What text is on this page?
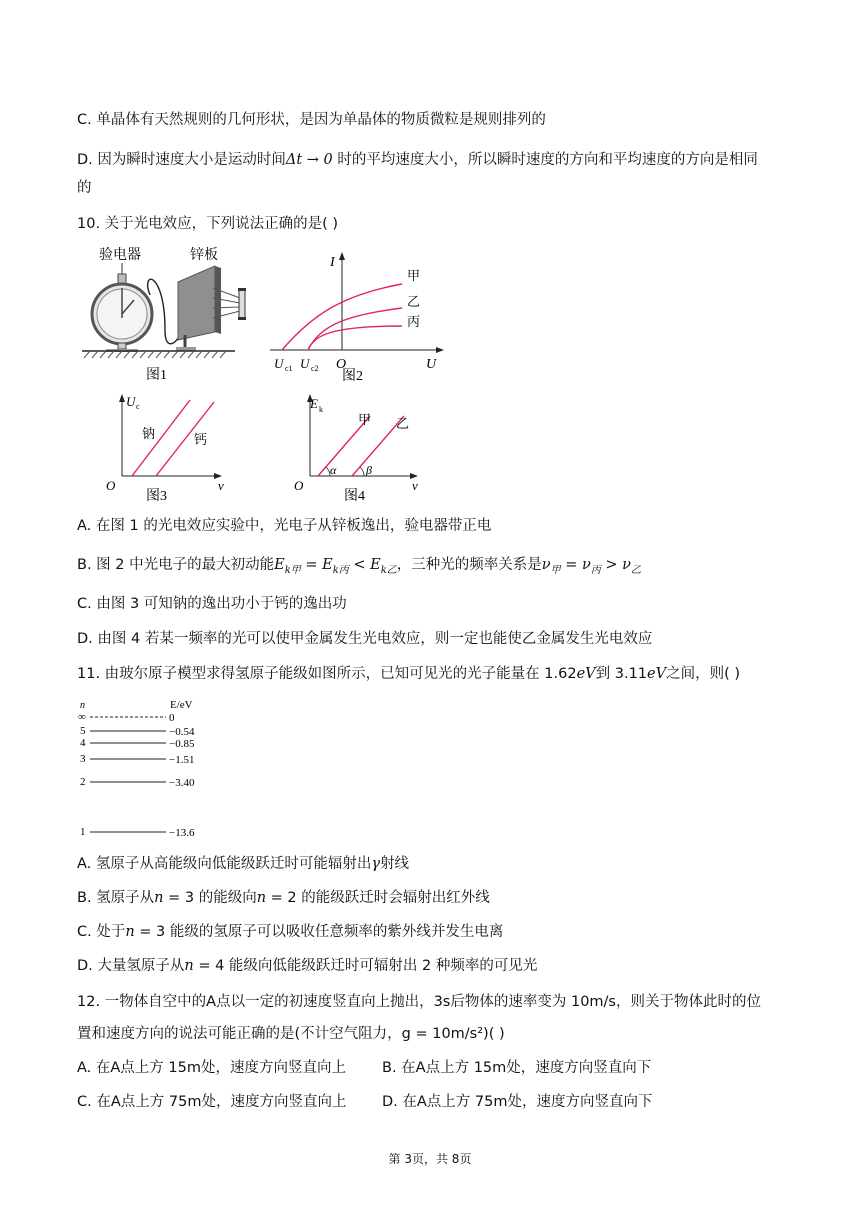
C. 单晶体有天然规则的几何形状，是因为单晶体的物质微粒是规则排列的
D. 因为瞬时速度大小是运动时间Δt → 0 时的平均速度大小，所以瞬时速度的方向和平均速度的方向是相同
的
10. 关于光电效应，下列说法正确的是( )
验电器	锌板
图1
I
U
O
甲
乙
丙
U c1 U c2
图2
U c
ν
O
钠	钙
图3
E k
ν
O
甲 乙
α β
图4
A. 在图 1 的光电效应实验中，光电子从锌板逸出，验电器带正电
B. 图 2 中光电子的最大初动能$E_{k甲} = E_{k丙} < E_{k乙}$，三种光的频率关系是$\nu_甲 = \nu_丙 > \nu_乙$
C. 由图 3 可知钠的逸出功小于钙的逸出功
D. 由图 4 若某一频率的光可以使甲金属发生光电效应，则一定也能使乙金属发生光电效应
11. 由玻尔原子模型求得氢原子能级如图所示，已知可见光的光子能量在 1.62eV到 3.11eV之间，则( )
n	E/eV
∞	0
5	−0.54
4	−0.85
3	−1.51
2	−3.40
1	−13.6
A. 氢原子从高能级向低能级跃迁时可能辐射出γ射线
B. 氢原子从n = 3 的能级向n = 2 的能级跃迁时会辐射出红外线
C. 处于n = 3 能级的氢原子可以吸收任意频率的紫外线并发生电离
D. 大量氢原子从n = 4 能级向低能级跃迁时可辐射出 2 种频率的可见光
12. 一物体自空中的A点以一定的初速度竖直向上抛出，3s后物体的速率变为 10m/s，则关于物体此时的位
置和速度方向的说法可能正确的是(不计空气阻力，g = 10m/s²)( )
A. 在A点上方 15m处，速度方向竖直向上 B. 在A点上方 15m处，速度方向竖直向下
C. 在A点上方 75m处，速度方向竖直向上 D. 在A点上方 75m处，速度方向竖直向下
第 3页，共 8页
